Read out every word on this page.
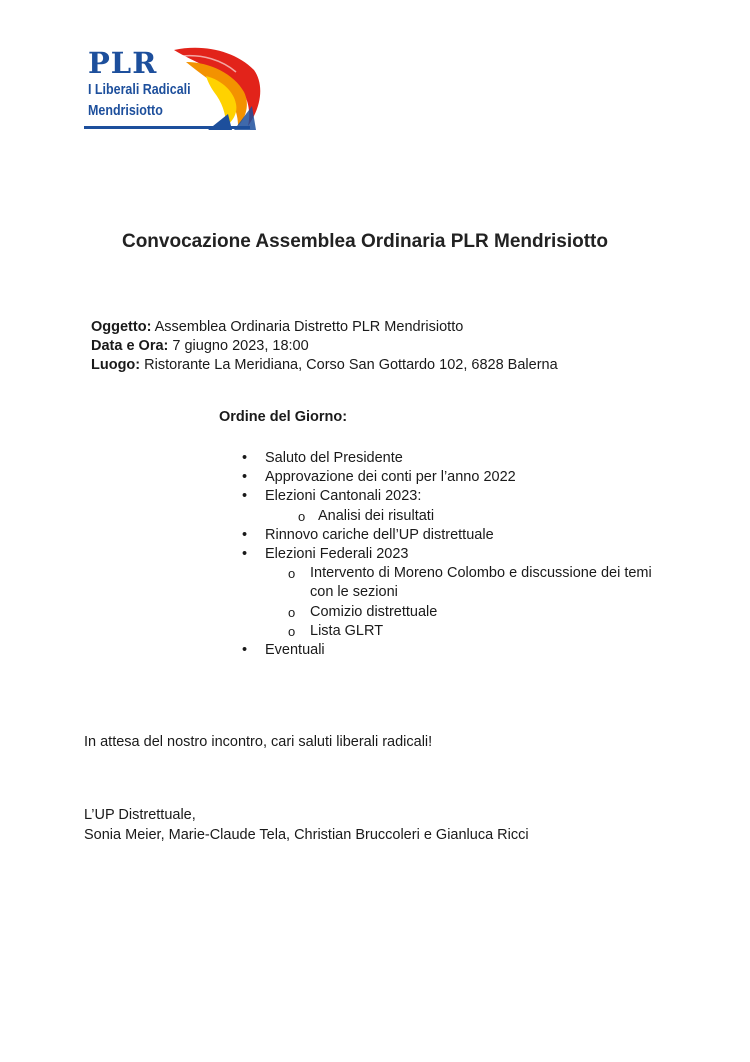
PLR
I Liberali Radicali
Mendrisiotto
Convocazione Assemblea Ordinaria PLR Mendrisiotto
Oggetto: Assemblea Ordinaria Distretto PLR Mendrisiotto
Data e Ora: 7 giugno 2023, 18:00
Luogo: Ristorante La Meridiana, Corso San Gottardo 102, 6828 Balerna
Ordine del Giorno:
• Saluto del Presidente
• Approvazione dei conti per l’anno 2022
• Elezioni Cantonali 2023:
o Analisi dei risultati
• Rinnovo cariche dell’UP distrettuale
• Elezioni Federali 2023
o Intervento di Moreno Colombo e discussione dei temi con le sezioni
o Comizio distrettuale
o Lista GLRT
• Eventuali
In attesa del nostro incontro, cari saluti liberali radicali!
L’UP Distrettuale,
Sonia Meier, Marie-Claude Tela, Christian Bruccoleri e Gianluca Ricci
